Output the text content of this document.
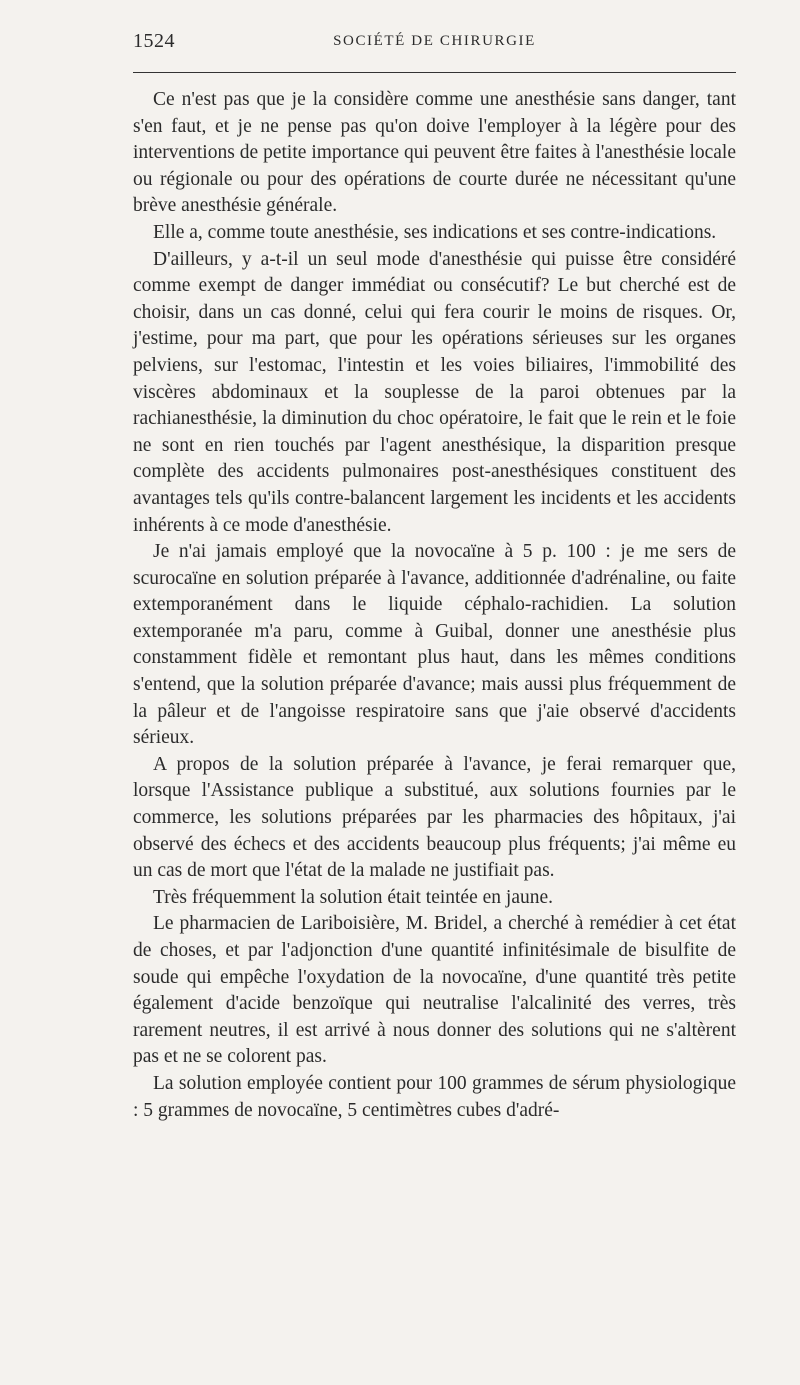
1524	SOCIÉTÉ DE CHIRURGIE

Ce n'est pas que je la considère comme une anesthésie sans danger, tant s'en faut, et je ne pense pas qu'on doive l'employer à la légère pour des interventions de petite importance qui peuvent être faites à l'anesthésie locale ou régionale ou pour des opérations de courte durée ne nécessitant qu'une brève anesthésie générale.

Elle a, comme toute anesthésie, ses indications et ses contre-indications.

D'ailleurs, y a-t-il un seul mode d'anesthésie qui puisse être considéré comme exempt de danger immédiat ou consécutif? Le but cherché est de choisir, dans un cas donné, celui qui fera courir le moins de risques. Or, j'estime, pour ma part, que pour les opérations sérieuses sur les organes pelviens, sur l'estomac, l'intestin et les voies biliaires, l'immobilité des viscères abdominaux et la souplesse de la paroi obtenues par la rachianesthésie, la diminution du choc opératoire, le fait que le rein et le foie ne sont en rien touchés par l'agent anesthésique, la disparition presque complète des accidents pulmonaires post-anesthésiques constituent des avantages tels qu'ils contre-balancent largement les incidents et les accidents inhérents à ce mode d'anesthésie.

Je n'ai jamais employé que la novocaïne à 5 p. 100 : je me sers de scurocaïne en solution préparée à l'avance, additionnée d'adrénaline, ou faite extemporanément dans le liquide céphalo-rachidien. La solution extemporanée m'a paru, comme à Guibal, donner une anesthésie plus constamment fidèle et remontant plus haut, dans les mêmes conditions s'entend, que la solution préparée d'avance; mais aussi plus fréquemment de la pâleur et de l'angoisse respiratoire sans que j'aie observé d'accidents sérieux.

A propos de la solution préparée à l'avance, je ferai remarquer que, lorsque l'Assistance publique a substitué, aux solutions fournies par le commerce, les solutions préparées par les pharmacies des hôpitaux, j'ai observé des échecs et des accidents beaucoup plus fréquents; j'ai même eu un cas de mort que l'état de la malade ne justifiait pas.

Très fréquemment la solution était teintée en jaune.

Le pharmacien de Lariboisière, M. Bridel, a cherché à remédier à cet état de choses, et par l'adjonction d'une quantité infinitésimale de bisulfite de soude qui empêche l'oxydation de la novocaïne, d'une quantité très petite également d'acide benzoïque qui neutralise l'alcalinité des verres, très rarement neutres, il est arrivé à nous donner des solutions qui ne s'altèrent pas et ne se colorent pas.

La solution employée contient pour 100 grammes de sérum physiologique : 5 grammes de novocaïne, 5 centimètres cubes d'adré-
